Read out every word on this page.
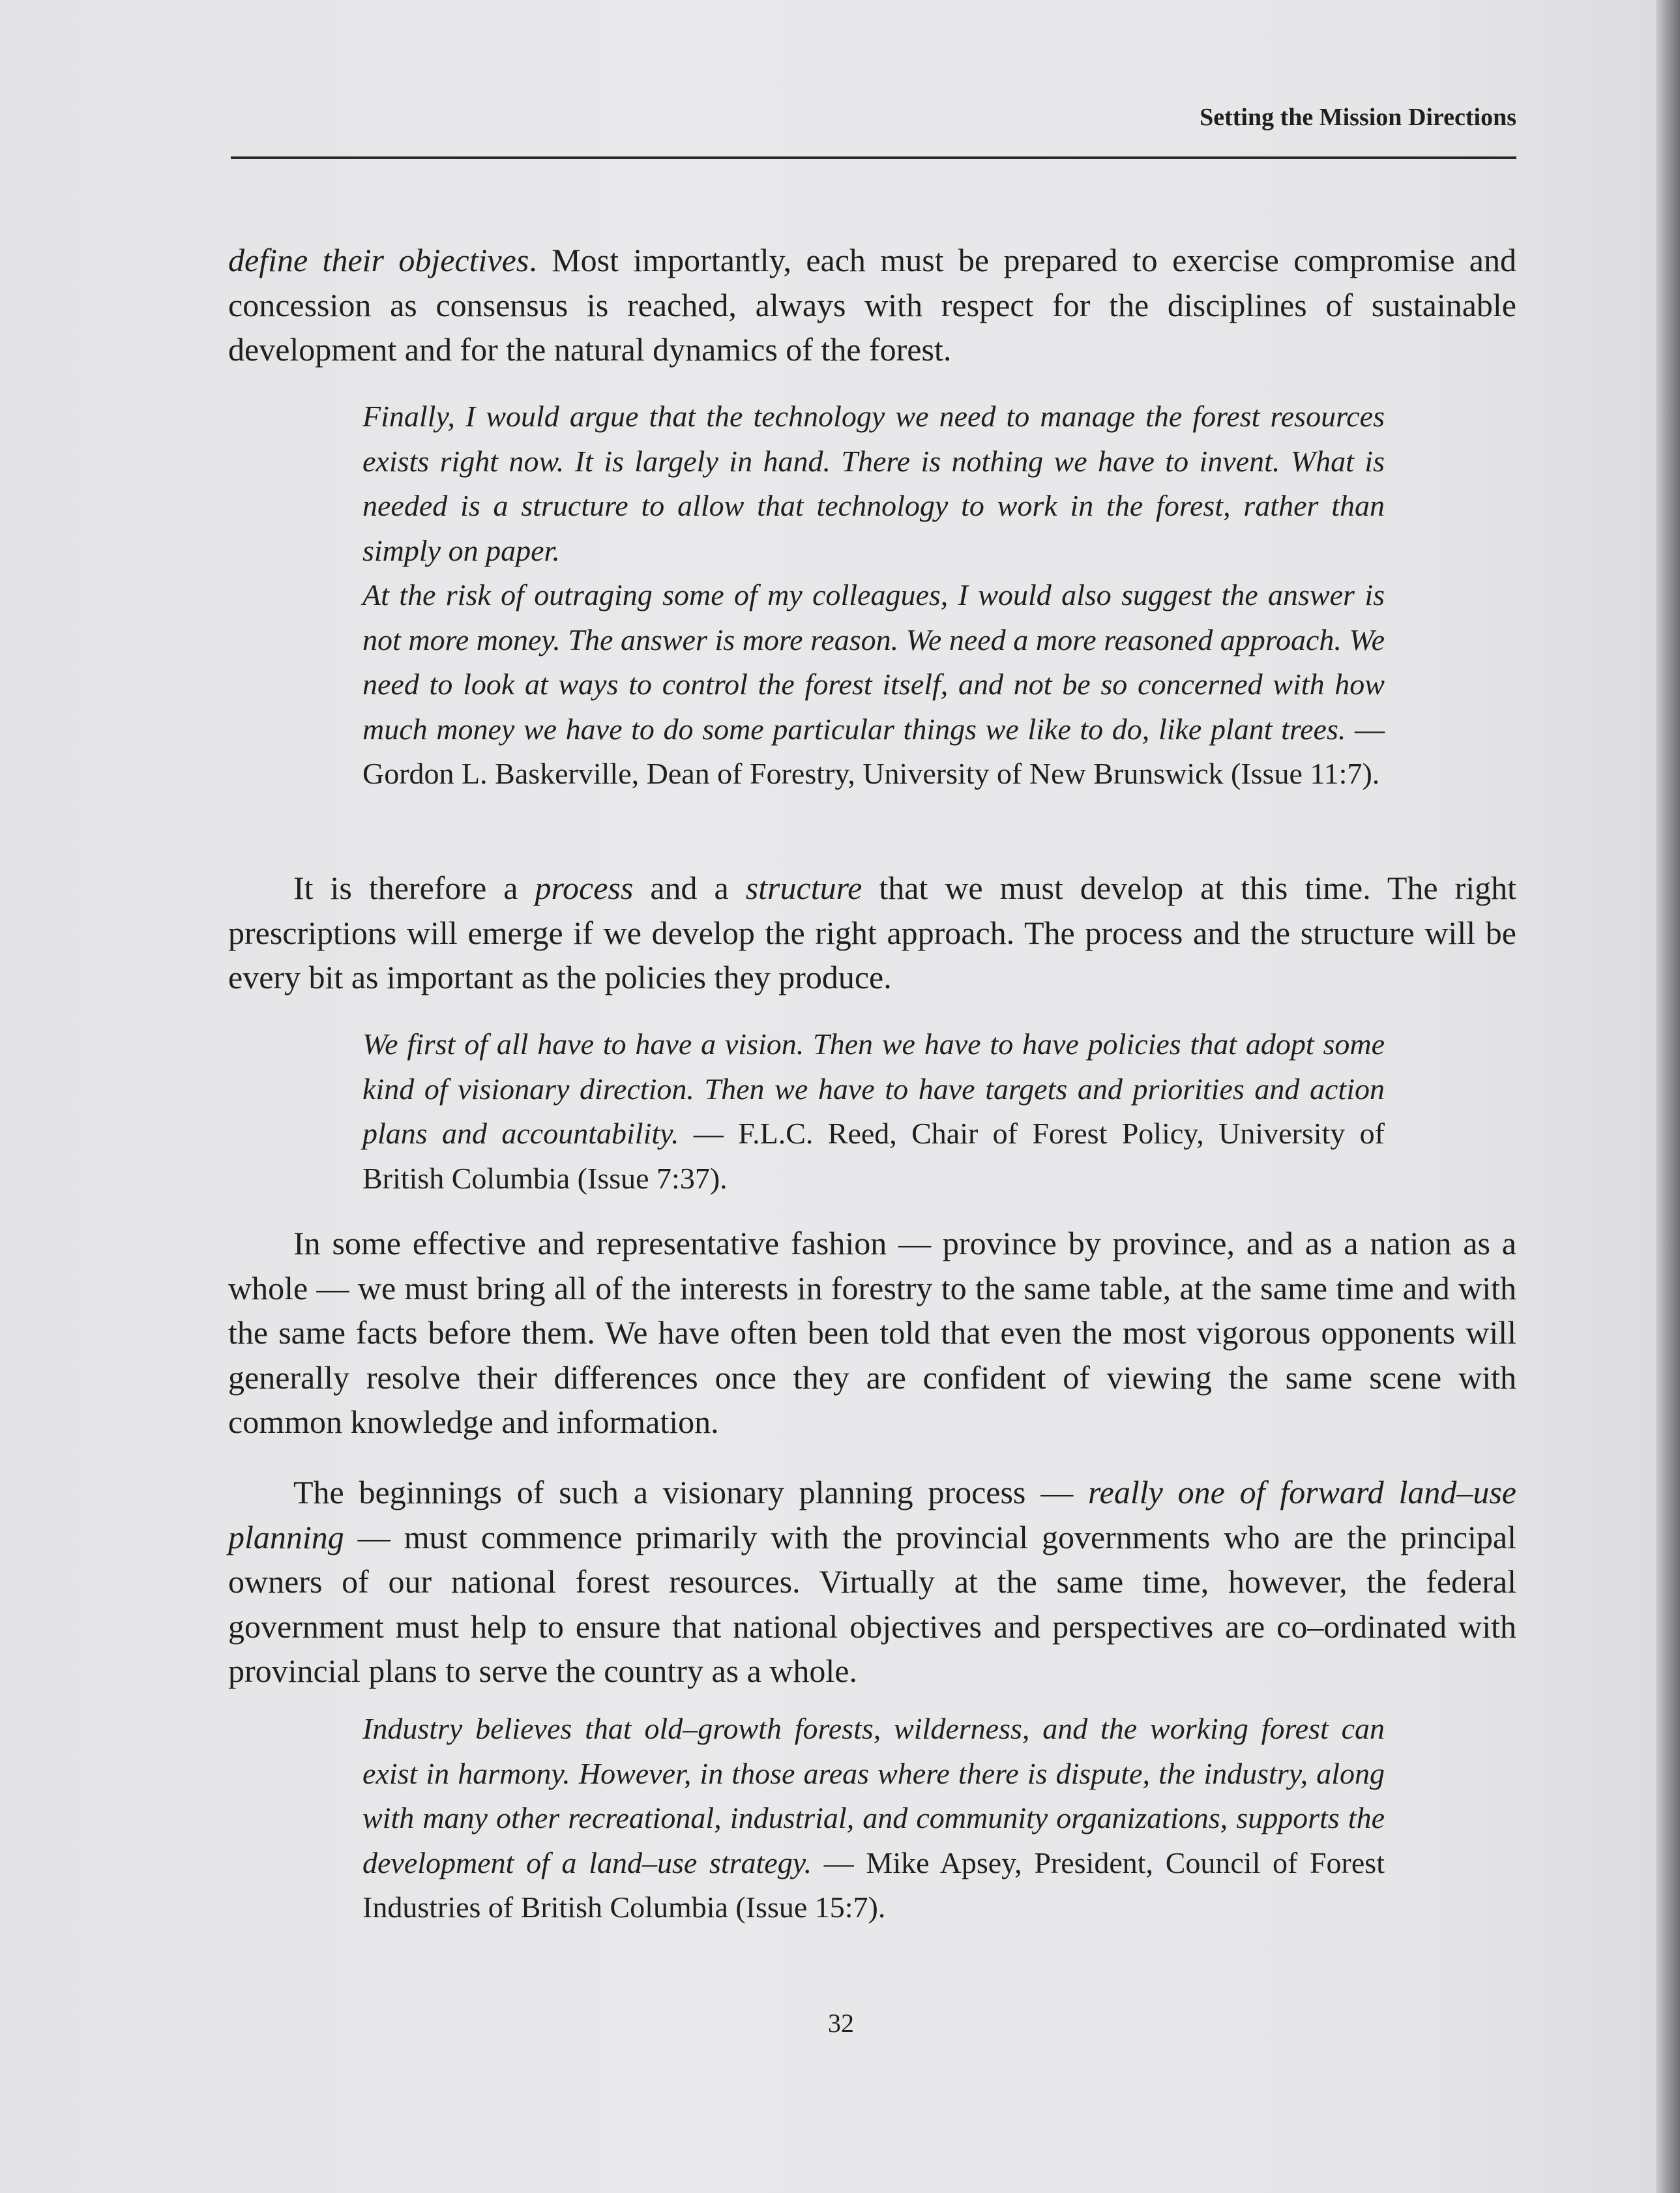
Setting the Mission Directions

define their objectives. Most importantly, each must be prepared to exercise compromise and concession as consensus is reached, always with respect for the disciplines of sustainable development and for the natural dynamics of the forest.

Finally, I would argue that the technology we need to manage the forest resources exists right now. It is largely in hand. There is nothing we have to invent. What is needed is a structure to allow that technology to work in the forest, rather than simply on paper.
At the risk of outraging some of my colleagues, I would also suggest the answer is not more money. The answer is more reason. We need a more reasoned approach. We need to look at ways to control the forest itself, and not be so concerned with how much money we have to do some particular things we like to do, like plant trees. — Gordon L. Baskerville, Dean of Forestry, University of New Brunswick (Issue 11:7).

It is therefore a process and a structure that we must develop at this time. The right prescriptions will emerge if we develop the right approach. The process and the structure will be every bit as important as the policies they produce.

We first of all have to have a vision. Then we have to have policies that adopt some kind of visionary direction. Then we have to have targets and priorities and action plans and accountability. — F.L.C. Reed, Chair of Forest Policy, University of British Columbia (Issue 7:37).

In some effective and representative fashion — province by province, and as a nation as a whole — we must bring all of the interests in forestry to the same table, at the same time and with the same facts before them. We have often been told that even the most vigorous opponents will generally resolve their differences once they are confident of viewing the same scene with common knowledge and information.

The beginnings of such a visionary planning process — really one of forward land–use planning — must commence primarily with the provincial governments who are the principal owners of our national forest resources. Virtually at the same time, however, the federal government must help to ensure that national objectives and perspectives are co–ordinated with provincial plans to serve the country as a whole.

Industry believes that old–growth forests, wilderness, and the working forest can exist in harmony. However, in those areas where there is dispute, the industry, along with many other recreational, industrial, and community organizations, supports the development of a land–use strategy. — Mike Apsey, President, Council of Forest Industries of British Columbia (Issue 15:7).
32
